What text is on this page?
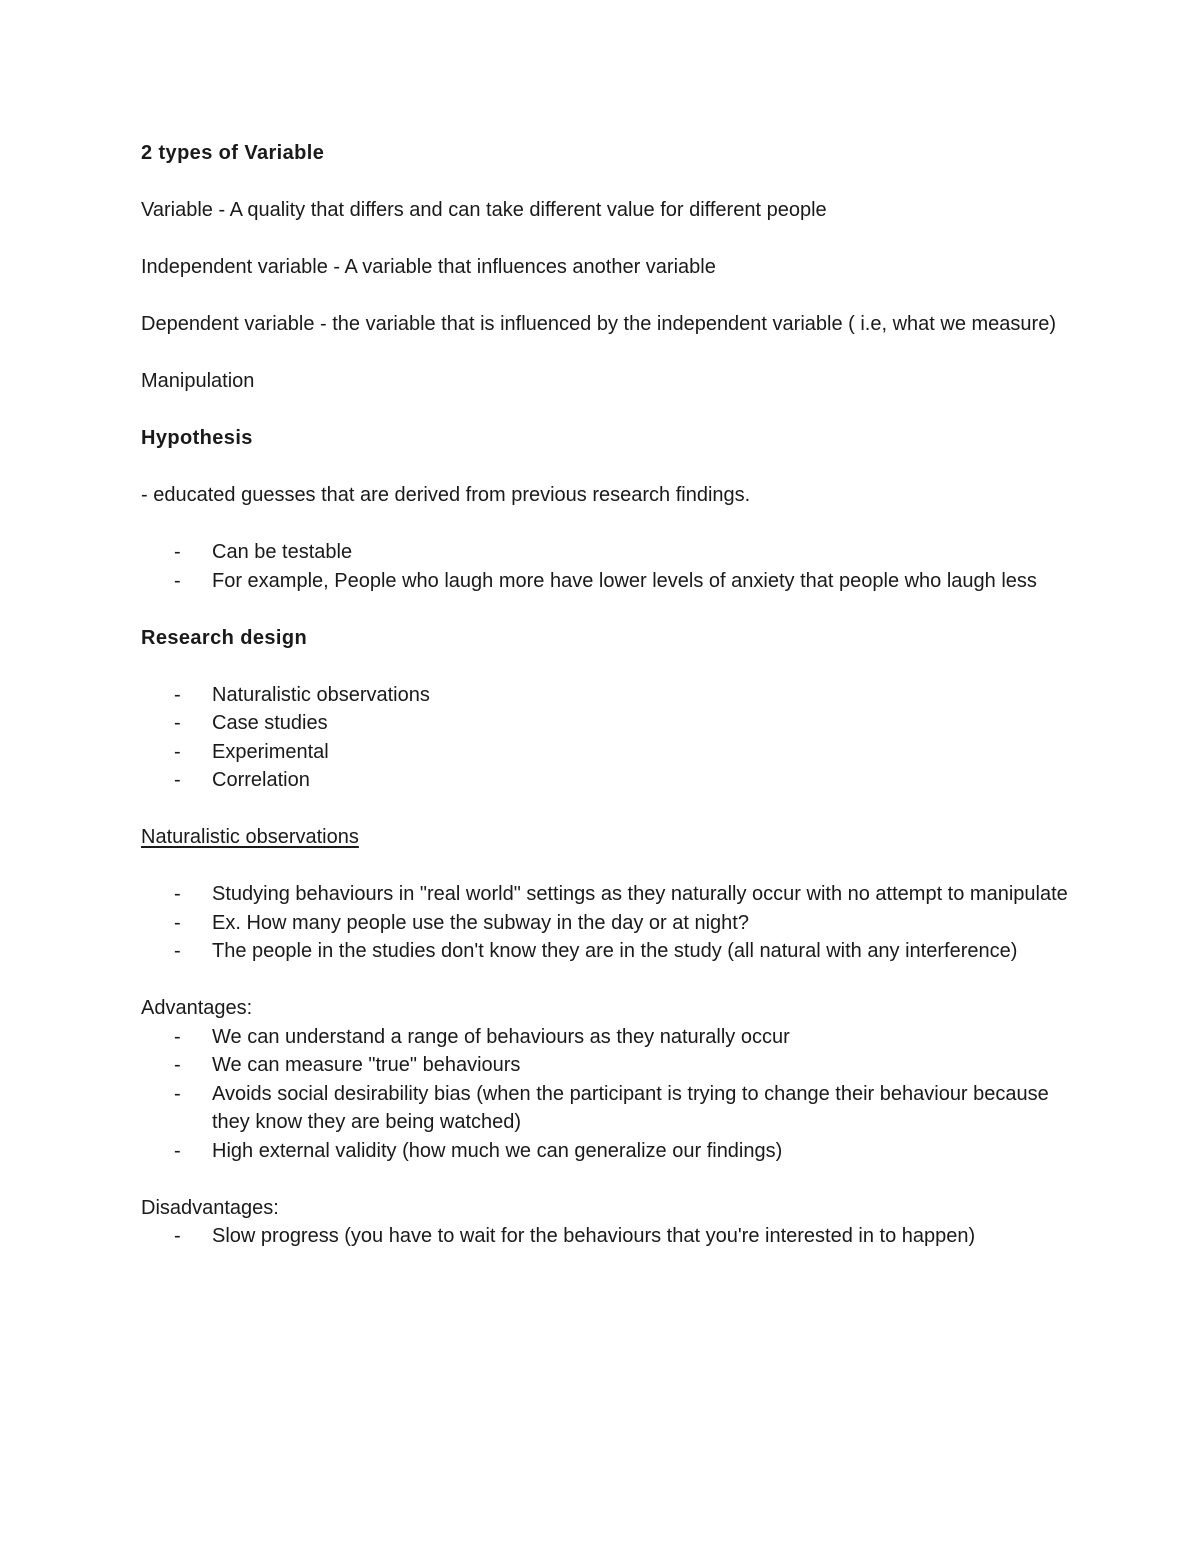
2 types of Variable

Variable - A quality that differs and can take different value for different people

Independent variable - A variable that influences another variable

Dependent variable - the variable that is influenced by the independent variable ( i.e, what we measure)

Manipulation

Hypothesis

- educated guesses that are derived from previous research findings.

- Can be testable
- For example, People who laugh more have lower levels of anxiety that people who laugh less

Research design

- Naturalistic observations
- Case studies
- Experimental
- Correlation

Naturalistic observations

- Studying behaviours in "real world" settings as they naturally occur with no attempt to manipulate
- Ex. How many people use the subway in the day or at night?
- The people in the studies don't know they are in the study (all natural with any interference)

Advantages:

- We can understand a range of behaviours as they naturally occur
- We can measure "true" behaviours
- Avoids social desirability bias (when the participant is trying to change their behaviour because they know they are being watched)
- High external validity (how much we can generalize our findings)

Disadvantages:

- Slow progress (you have to wait for the behaviours that you're interested in to happen)
